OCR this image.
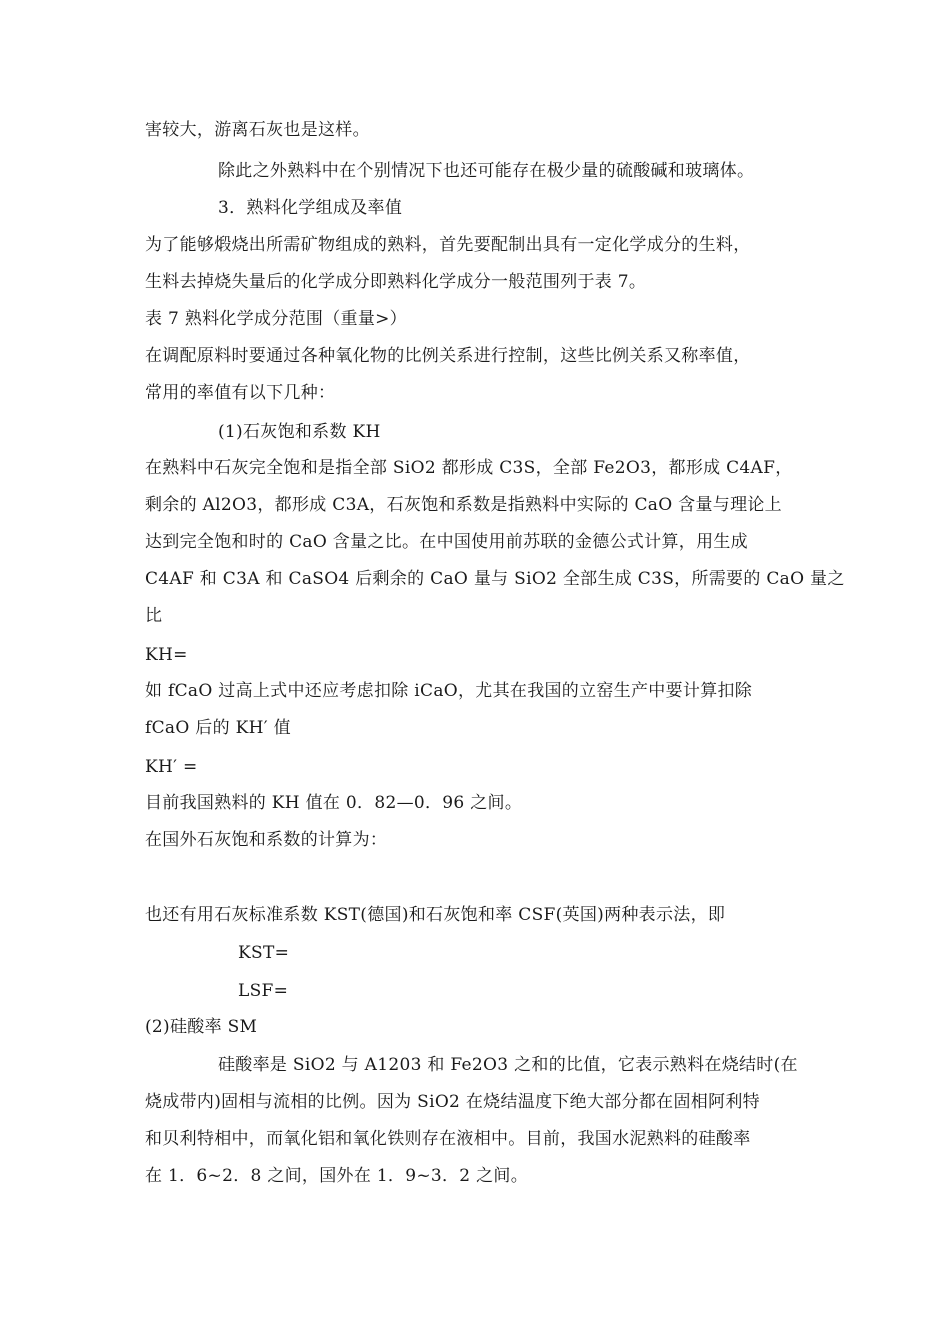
害较大，游离石灰也是这样。
除此之外熟料中在个别情况下也还可能存在极少量的硫酸碱和玻璃体。
3．熟料化学组成及率值
为了能够煅烧出所需矿物组成的熟料，首先要配制出具有一定化学成分的生料，
生料去掉烧失量后的化学成分即熟料化学成分一般范围列于表 7。
表 7 熟料化学成分范围（重量>）
在调配原料时要通过各种氧化物的比例关系进行控制，这些比例关系又称率值，
常用的率值有以下几种：
(1)石灰饱和系数 KH
在熟料中石灰完全饱和是指全部 SiO2 都形成 C3S，全部 Fe2O3，都形成 C4AF，
剩余的 Al2O3，都形成 C3A，石灰饱和系数是指熟料中实际的 CaO 含量与理论上
达到完全饱和时的 CaO 含量之比。在中国使用前苏联的金德公式计算，用生成
C4AF 和 C3A 和 CaSO4 后剩余的 CaO 量与 SiO2 全部生成 C3S，所需要的 CaO 量之
比
KH=
如 fCaO 过高上式中还应考虑扣除 iCaO，尤其在我国的立窑生产中要计算扣除
fCaO 后的 KH′ 值
KH′ =
目前我国熟料的 KH 值在 0．82—0．96 之间。
在国外石灰饱和系数的计算为：
也还有用石灰标准系数 KST(德国)和石灰饱和率 CSF(英国)两种表示法，即
KST=
LSF=
(2)硅酸率 SM
硅酸率是 SiO2 与 A1203 和 Fe2O3 之和的比值，它表示熟料在烧结时(在
烧成带内)固相与流相的比例。因为 SiO2 在烧结温度下绝大部分都在固相阿利特
和贝利特相中，而氧化铝和氧化铁则存在液相中。目前，我国水泥熟料的硅酸率
在 1．6~2．8 之间，国外在 1．9~3．2 之间。
